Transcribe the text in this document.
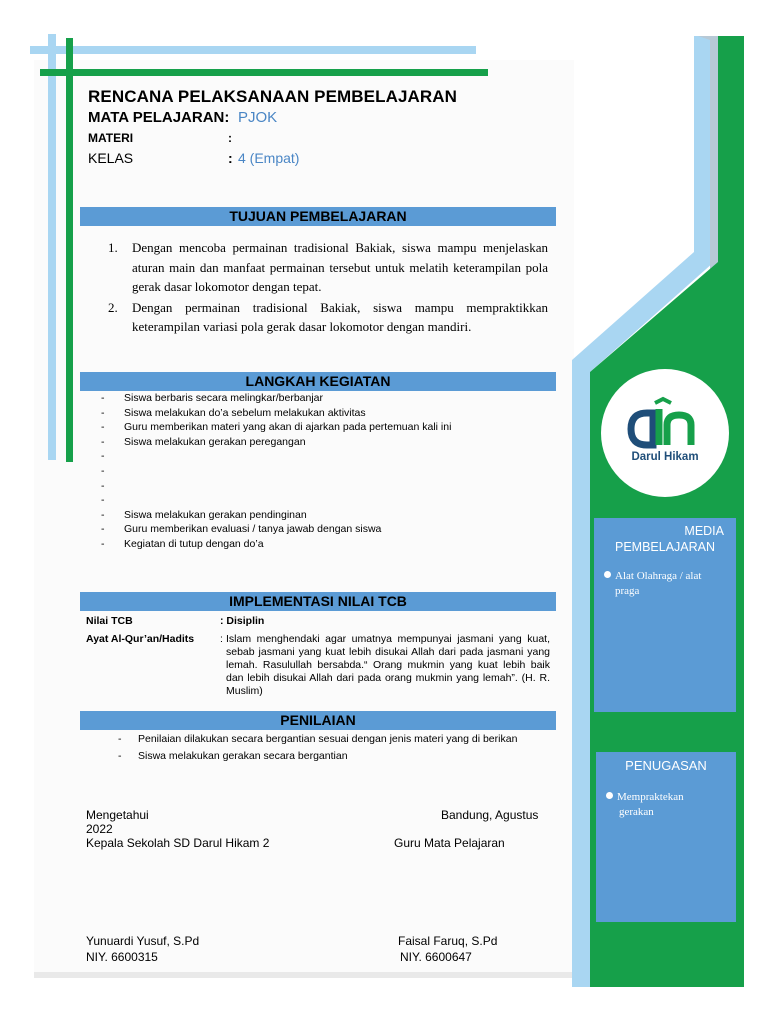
Darul Hikam
RENCANA PELAKSANAAN PEMBELAJARAN
MATA PELAJARAN: PJOK
MATERI	:
KELAS	: 4 (Empat)
TUJUAN PEMBELAJARAN
1. Dengan mencoba permainan tradisional Bakiak, siswa mampu menjelaskan aturan main dan manfaat permainan tersebut untuk melatih keterampilan pola gerak dasar lokomotor dengan tepat.
2. Dengan permainan tradisional Bakiak, siswa mampu mempraktikkan keterampilan variasi pola gerak dasar lokomotor dengan mandiri.
LANGKAH KEGIATAN
- Siswa berbaris secara melingkar/berbanjar
- Siswa melakukan do’a sebelum melakukan aktivitas
- Guru memberikan materi yang akan di ajarkan pada pertemuan kali ini
- Siswa melakukan gerakan peregangan
-
-
-
-
- Siswa melakukan gerakan pendinginan
- Guru memberikan evaluasi / tanya jawab dengan siswa
- Kegiatan di tutup dengan do’a
IMPLEMENTASI NILAI TCB
Nilai TCB	: Disiplin
Ayat Al-Qur’an/Hadits : Islam menghendaki agar umatnya mempunyai jasmani yang kuat, sebab jasmani yang kuat lebih disukai Allah dari pada jasmani yang lemah. Rasulullah bersabda.“ Orang mukmin yang kuat lebih baik dan lebih disukai Allah dari pada orang mukmin yang lemah”. (H. R. Muslim)
PENILAIAN
- Penilaian dilakukan secara bergantian sesuai dengan jenis materi yang di berikan
- Siswa melakukan gerakan secara bergantian
Mengetahui
2022
Bandung, Agustus
Kepala Sekolah SD Darul Hikam 2	Guru Mata Pelajaran
Yunuardi Yusuf, S.Pd
NIY. 6600315
Faisal Faruq, S.Pd
NIY. 6600647
MEDIA
PEMBELAJARAN
Alat Olahraga / alat
praga
PENUGASAN
Mempraktekan
gerakan
